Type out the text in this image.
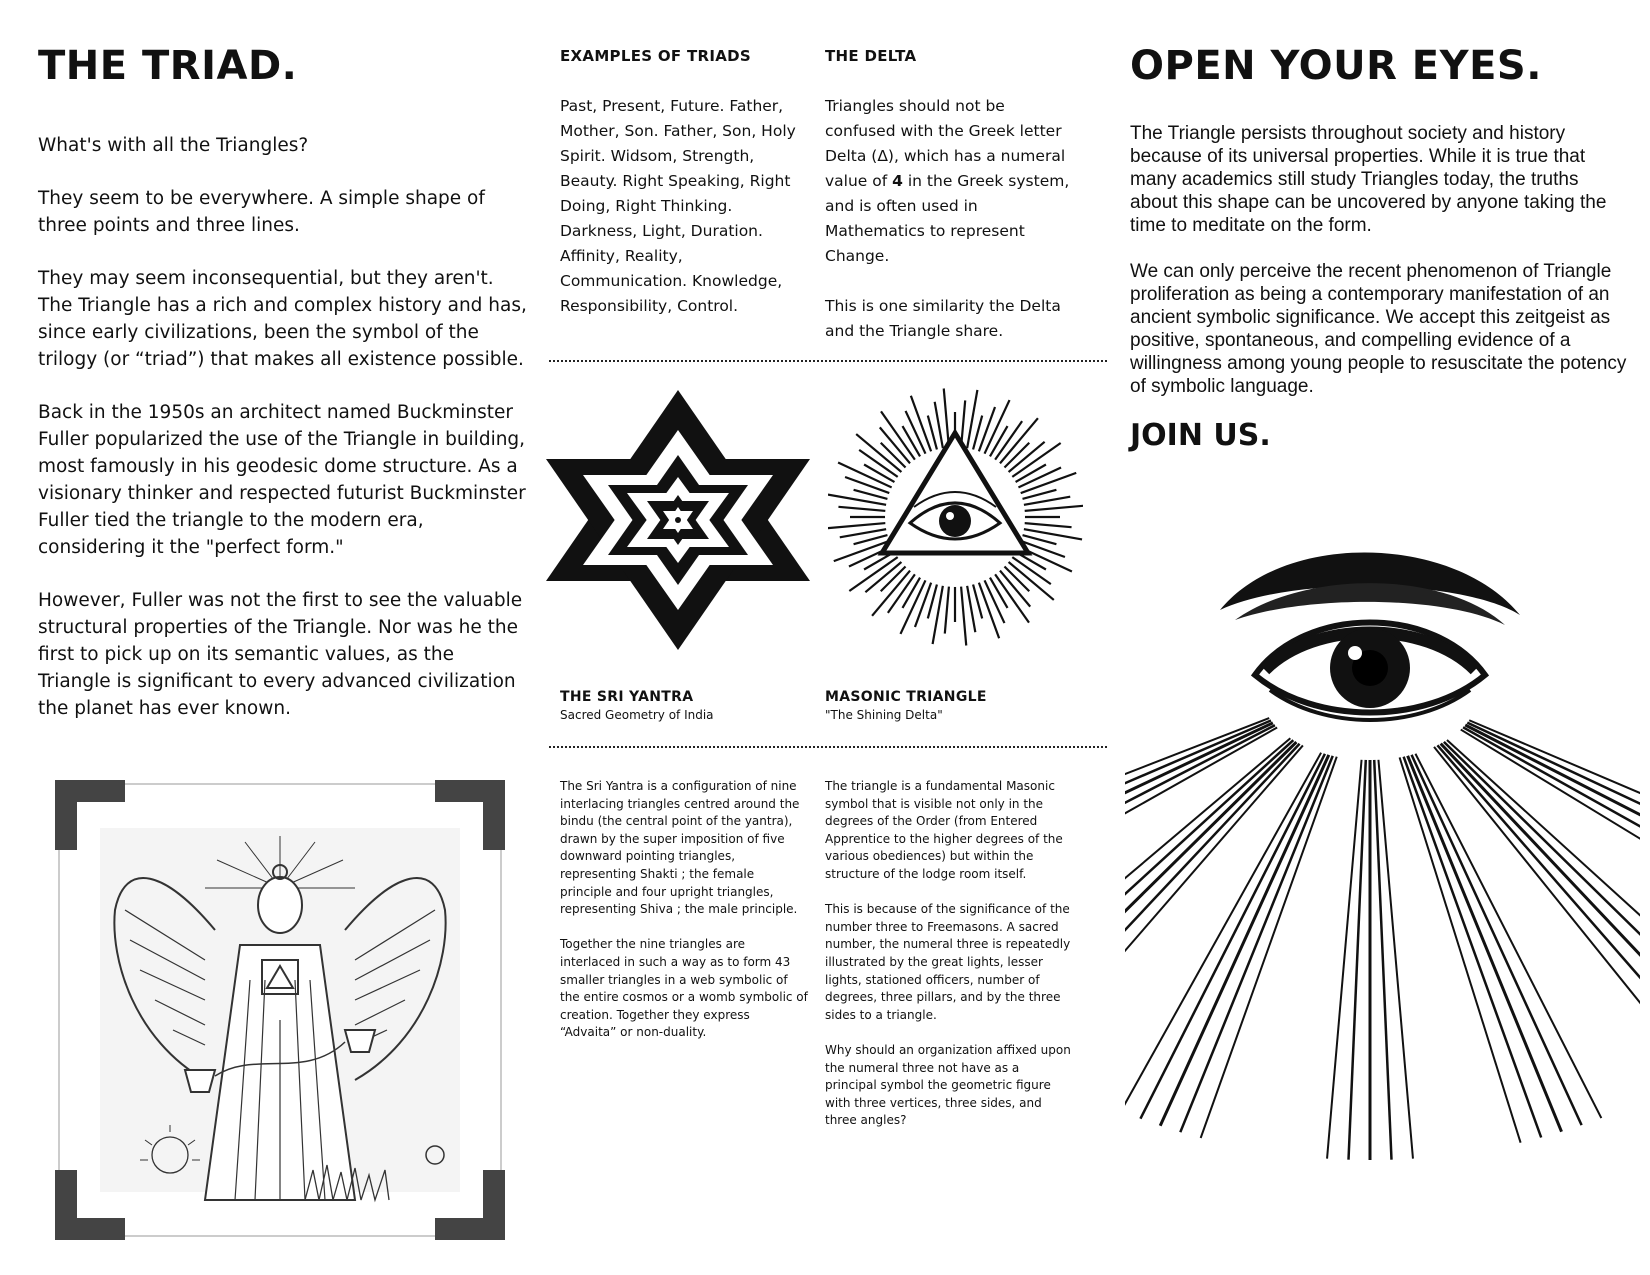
THE TRIAD.

What's with all the Triangles?

They seem to be everywhere. A simple shape of three points and three lines.

They may seem inconsequential, but they aren't. The Triangle has a rich and complex history and has, since early civilizations, been the symbol of the trilogy (or “triad”) that makes all existence possible.

Back in the 1950s an architect named Buckminster Fuller popularized the use of the Triangle in building, most famously in his geodesic dome structure. As a visionary thinker and respected futurist Buckminster Fuller tied the triangle to the modern era, considering it the "perfect form."

However, Fuller was not the first to see the valuable structural properties of the Triangle. Nor was he the first to pick up on its semantic values, as the Triangle is significant to every advanced civilization the planet has ever known.

EXAMPLES OF TRIADS

Past, Present, Future. Father, Mother, Son. Father, Son, Holy Spirit. Widsom, Strength, Beauty. Right Speaking, Right Doing, Right Thinking. Darkness, Light, Duration. Affinity, Reality, Communication. Knowledge, Responsibility, Control.

THE DELTA

Triangles should not be confused with the Greek letter Delta (Δ), which has a numeral value of 4 in the Greek system, and is often used in Mathematics to represent Change.

This is one similarity the Delta and the Triangle share.

THE SRI YANTRA
Sacred Geometry of India
MASONIC TRIANGLE
"The Shining Delta"

The Sri Yantra is a configuration of nine interlacing triangles centred around the bindu (the central point of the yantra), drawn by the super imposition of five downward pointing triangles, representing Shakti ; the female principle and four upright triangles, representing Shiva ; the male principle.

Together the nine triangles are interlaced in such a way as to form 43 smaller triangles in a web symbolic of the entire cosmos or a womb symbolic of creation. Together they express “Advaita” or non-duality.

The triangle is a fundamental Masonic symbol that is visible not only in the degrees of the Order (from Entered Apprentice to the higher degrees of the various obediences) but within the structure of the lodge room itself.

This is because of the significance of the number three to Freemasons. A sacred number, the numeral three is repeatedly illustrated by the great lights, lesser lights, stationed officers, number of degrees, three pillars, and by the three sides to a triangle.

Why should an organization affixed upon the numeral three not have as a principal symbol the geometric figure with three vertices, three sides, and three angles?

OPEN YOUR EYES.

The Triangle persists throughout society and history because of its universal properties. While it is true that many academics still study Triangles today, the truths about this shape can be uncovered by anyone taking the time to meditate on the form.

We can only perceive the recent phenomenon of Triangle proliferation as being a contemporary manifestation of an ancient symbolic significance. We accept this zeitgeist as positive, spontaneous, and compelling evidence of a willingness among young people to resuscitate the potency of symbolic language.

JOIN US.
